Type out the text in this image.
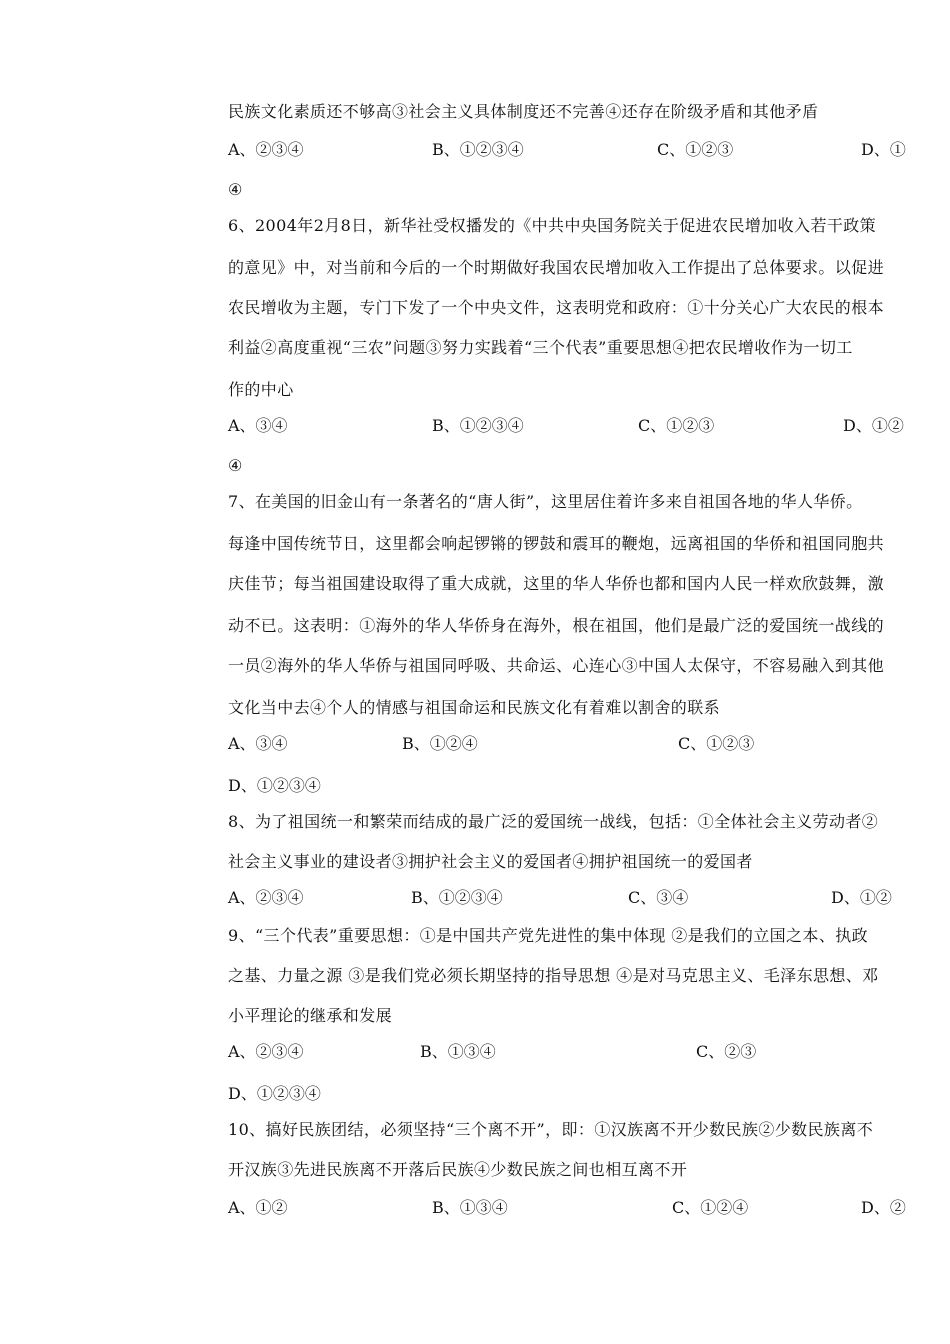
民族文化素质还不够高③社会主义具体制度还不完善④还存在阶级矛盾和其他矛盾
A、②③④	B、①②③④	C、①②③	D、①
④
6、2004年2月8日，新华社受权播发的《中共中央国务院关于促进农民增加收入若干政策
的意见》中，对当前和今后的一个时期做好我国农民增加收入工作提出了总体要求。以促进
农民增收为主题，专门下发了一个中央文件，这表明党和政府：①十分关心广大农民的根本
利益②高度重视“三农”问题③努力实践着“三个代表”重要思想④把农民增收作为一切工
作的中心
A、③④	B、①②③④	C、①②③	D、①②
④
7、在美国的旧金山有一条著名的“唐人街”，这里居住着许多来自祖国各地的华人华侨。
每逢中国传统节日，这里都会响起锣锵的锣鼓和震耳的鞭炮，远离祖国的华侨和祖国同胞共
庆佳节；每当祖国建设取得了重大成就，这里的华人华侨也都和国内人民一样欢欣鼓舞，激
动不已。这表明：①海外的华人华侨身在海外，根在祖国，他们是最广泛的爱国统一战线的
一员②海外的华人华侨与祖国同呼吸、共命运、心连心③中国人太保守，不容易融入到其他
文化当中去④个人的情感与祖国命运和民族文化有着难以割舍的联系
A、③④	B、①②④	C、①②③
D、①②③④
8、为了祖国统一和繁荣而结成的最广泛的爱国统一战线，包括：①全体社会主义劳动者②
社会主义事业的建设者③拥护社会主义的爱国者④拥护祖国统一的爱国者
A、②③④	B、①②③④	C、③④	D、①②
9、“三个代表”重要思想：①是中国共产党先进性的集中体现 ②是我们的立国之本、执政
之基、力量之源 ③是我们党必须长期坚持的指导思想 ④是对马克思主义、毛泽东思想、邓
小平理论的继承和发展
A、②③④	B、①③④	C、②③
D、①②③④
10、搞好民族团结，必须坚持“三个离不开”，即：①汉族离不开少数民族②少数民族离不
开汉族③先进民族离不开落后民族④少数民族之间也相互离不开
A、①②	B、①③④	C、①②④	D、②
